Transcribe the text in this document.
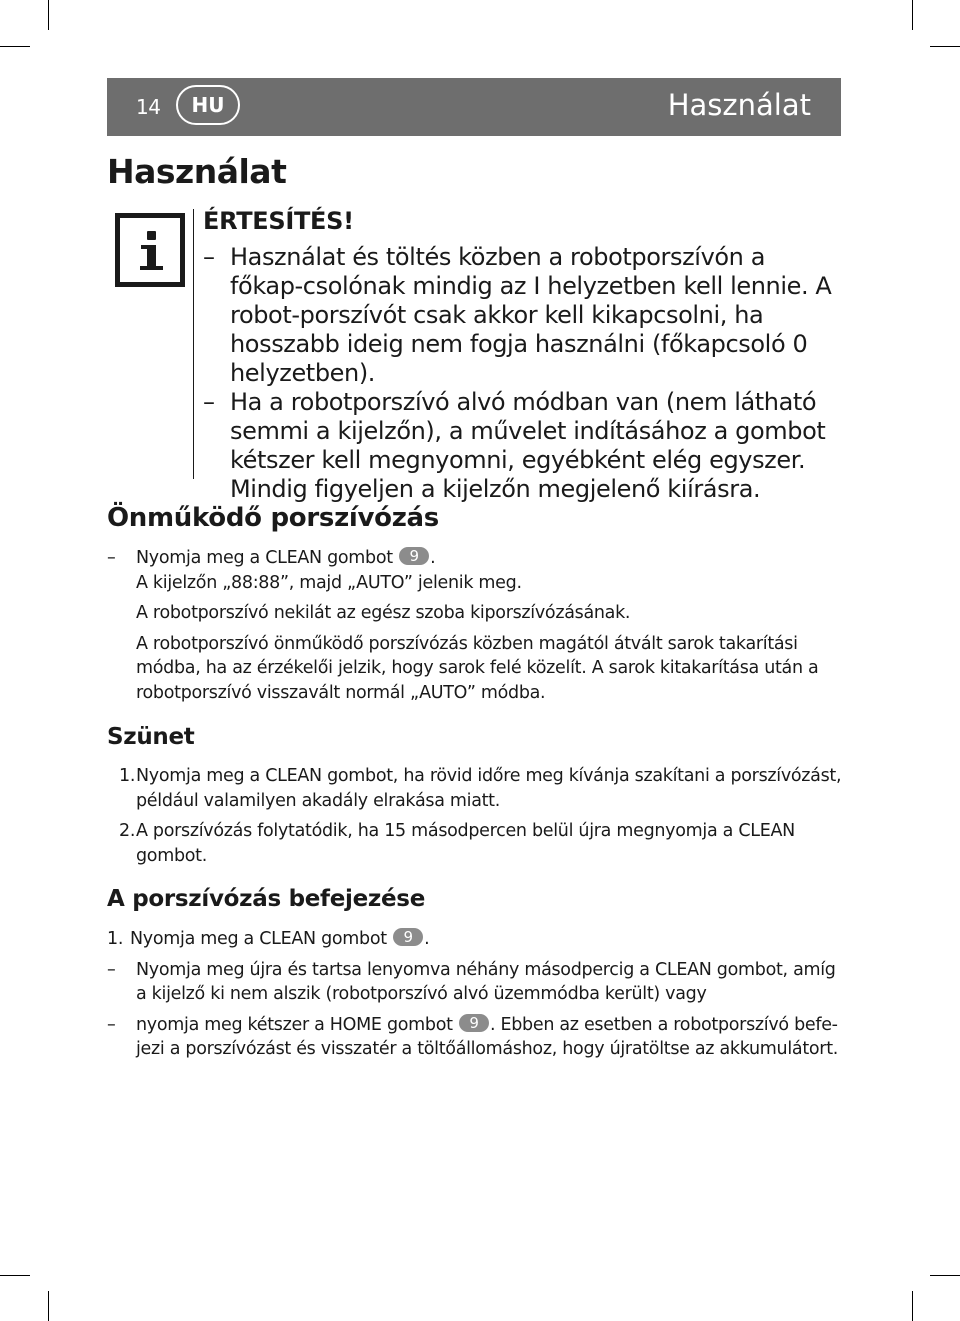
14	HU	Használat
Használat
ÉRTESÍTÉS!
– Használat és töltés közben a robotporszívón a főkap-csolónak mindig az I helyzetben kell lennie. A robot-porszívót csak akkor kell kikapcsolni, ha hosszabb ideig nem fogja használni (főkapcsoló 0 helyzetben).
– Ha a robotporszívó alvó módban van (nem látható semmi a kijelzőn), a művelet indításához a gombot kétszer kell megnyomni, egyébként elég egyszer. Mindig figyeljen a kijelzőn megjelenő kiírásra.
Önműködő porszívózás
– Nyomja meg a CLEAN gombot 9 .
A kijelzőn „88:88”, majd „AUTO” jelenik meg.
A robotporszívó nekilát az egész szoba kiporszívózásának.
A robotporszívó önműködő porszívózás közben magától átvált sarok takarítási módba, ha az érzékelői jelzik, hogy sarok felé közelít. A sarok kitakarítása után a robotporszívó visszavált normál „AUTO” módba.
Szünet
1. Nyomja meg a CLEAN gombot, ha rövid időre meg kívánja szakítani a porszívózást, például valamilyen akadály elrakása miatt.
2. A porszívózás folytatódik, ha 15 másodpercen belül újra megnyomja a CLEAN gombot.
A porszívózás befejezése
1. Nyomja meg a CLEAN gombot 9 .
– Nyomja meg újra és tartsa lenyomva néhány másodpercig a CLEAN gombot, amíg a kijelző ki nem alszik (robotporszívó alvó üzemmódba került) vagy
– nyomja meg kétszer a HOME gombot 9 . Ebben az esetben a robotporszívó befe-jezi a porszívózást és visszatér a töltőállomáshoz, hogy újratöltse az akkumulátort.
